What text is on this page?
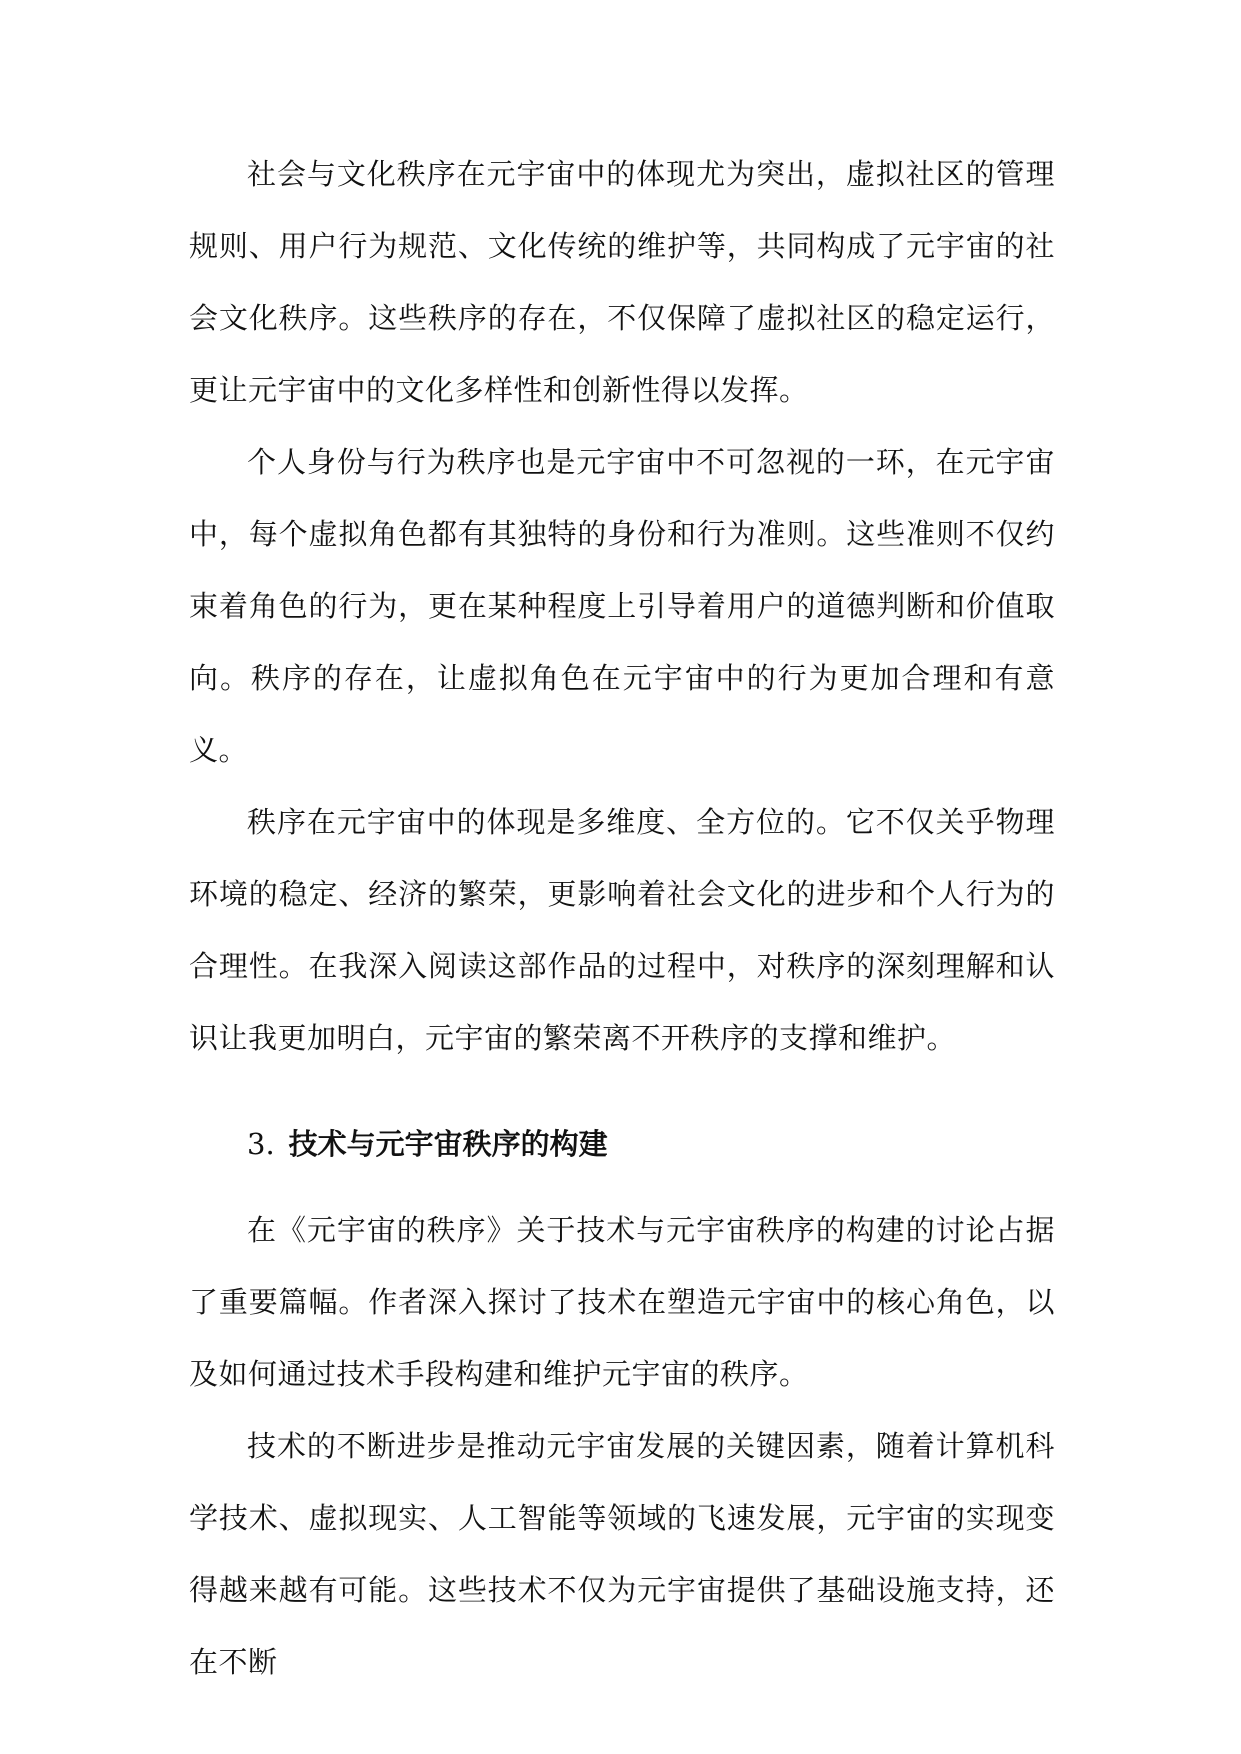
社会与文化秩序在元宇宙中的体现尤为突出，虚拟社区的管理规则、用户行为规范、文化传统的维护等，共同构成了元宇宙的社会文化秩序。这些秩序的存在，不仅保障了虚拟社区的稳定运行，更让元宇宙中的文化多样性和创新性得以发挥。

个人身份与行为秩序也是元宇宙中不可忽视的一环，在元宇宙中，每个虚拟角色都有其独特的身份和行为准则。这些准则不仅约束着角色的行为，更在某种程度上引导着用户的道德判断和价值取向。秩序的存在，让虚拟角色在元宇宙中的行为更加合理和有意义。

秩序在元宇宙中的体现是多维度、全方位的。它不仅关乎物理环境的稳定、经济的繁荣，更影响着社会文化的进步和个人行为的合理性。在我深入阅读这部作品的过程中，对秩序的深刻理解和认识让我更加明白，元宇宙的繁荣离不开秩序的支撑和维护。

3. 技术与元宇宙秩序的构建

在《元宇宙的秩序》关于技术与元宇宙秩序的构建的讨论占据了重要篇幅。作者深入探讨了技术在塑造元宇宙中的核心角色，以及如何通过技术手段构建和维护元宇宙的秩序。

技术的不断进步是推动元宇宙发展的关键因素，随着计算机科学技术、虚拟现实、人工智能等领域的飞速发展，元宇宙的实现变得越来越有可能。这些技术不仅为元宇宙提供了基础设施支持，还在不断
